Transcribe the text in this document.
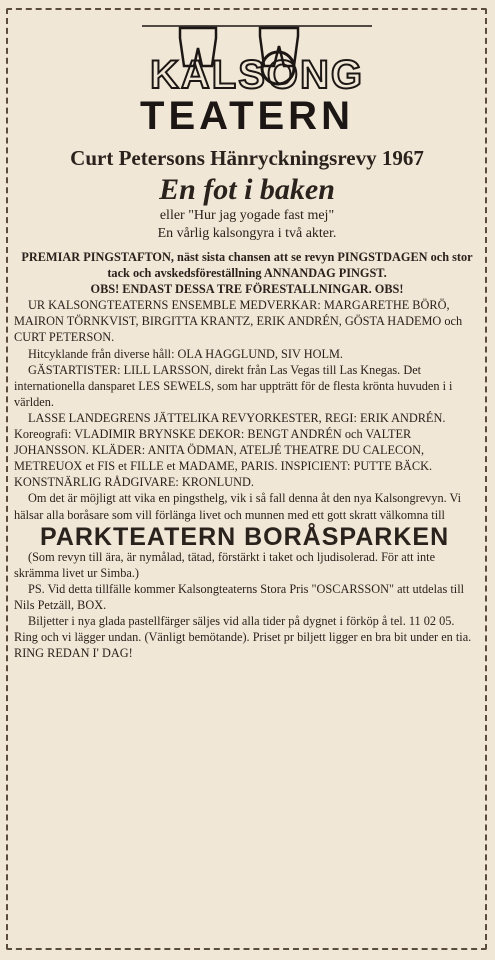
KALSONG
TEATERN
Curt Petersons Hänryckningsrevy 1967
En fot i baken
eller "Hur jag yogade fast mej"
En vårlig kalsongyra i två akter.

PREMIAR PINGSTAFTON, näst sista chansen att se revyn PINGSTDAGEN och stor tack och avskedsföreställning ANNANDAG PINGST.

OBS! ENDAST DESSA TRE FÖRESTALLNINGAR. OBS!

UR KALSONGTEATERNS ENSEMBLE MEDVERKAR: MARGARETHE BÖRÖ, MAIRON TÖRNKVIST, BIRGITTA KRANTZ, ERIK ANDRÉN, GÖSTA HADEMO och CURT PETERSON.

Hitcyklande från diverse håll: OLA HAGGLUND, SIV HOLM.

GÄSTARTISTER: LILL LARSSON, direkt från Las Vegas till Las Knegas. Det internationella dansparet LES SEWELS, som har uppträtt för de flesta krönta huvuden i i världen.

LASSE LANDEGRENS JÄTTELIKA REVYORKESTER, REGI: ERIK ANDRÉN. Koreografi: VLADIMIR BRYNSKE DEKOR: BENGT ANDRÉN och VALTER JOHANSSON. KLÄDER: ANITA ÖDMAN, ATELJÉ THEATRE DU CALECON, METREUOX et FIS et FILLE et MADAME, PARIS. INSPICIENT: PUTTE BÄCK. KONSTNÄRLIG RÅDGIVARE: KRONLUND.

Om det är möjligt att vika en pingsthelg, vik i så fall denna åt den nya Kalsongrevyn. Vi hälsar alla boråsare som vill förlänga livet och munnen med ett gott skratt välkomna till

PARKTEATERN BORÅSPARKEN

(Som revyn till ära, är nymålad, tätad, förstärkt i taket och ljudisolerad. För att inte skrämma livet ur Simba.)

PS. Vid detta tillfälle kommer Kalsongteaterns Stora Pris "OSCARSSON" att utdelas till Nils Petzäll, BOX.

Biljetter i nya glada pastellfärger säljes vid alla tider på dygnet i förköp å tel. 11 02 05. Ring och vi lägger undan. (Vänligt bemötande). Priset pr biljett ligger en bra bit under en tia. RING REDAN I' DAG!
